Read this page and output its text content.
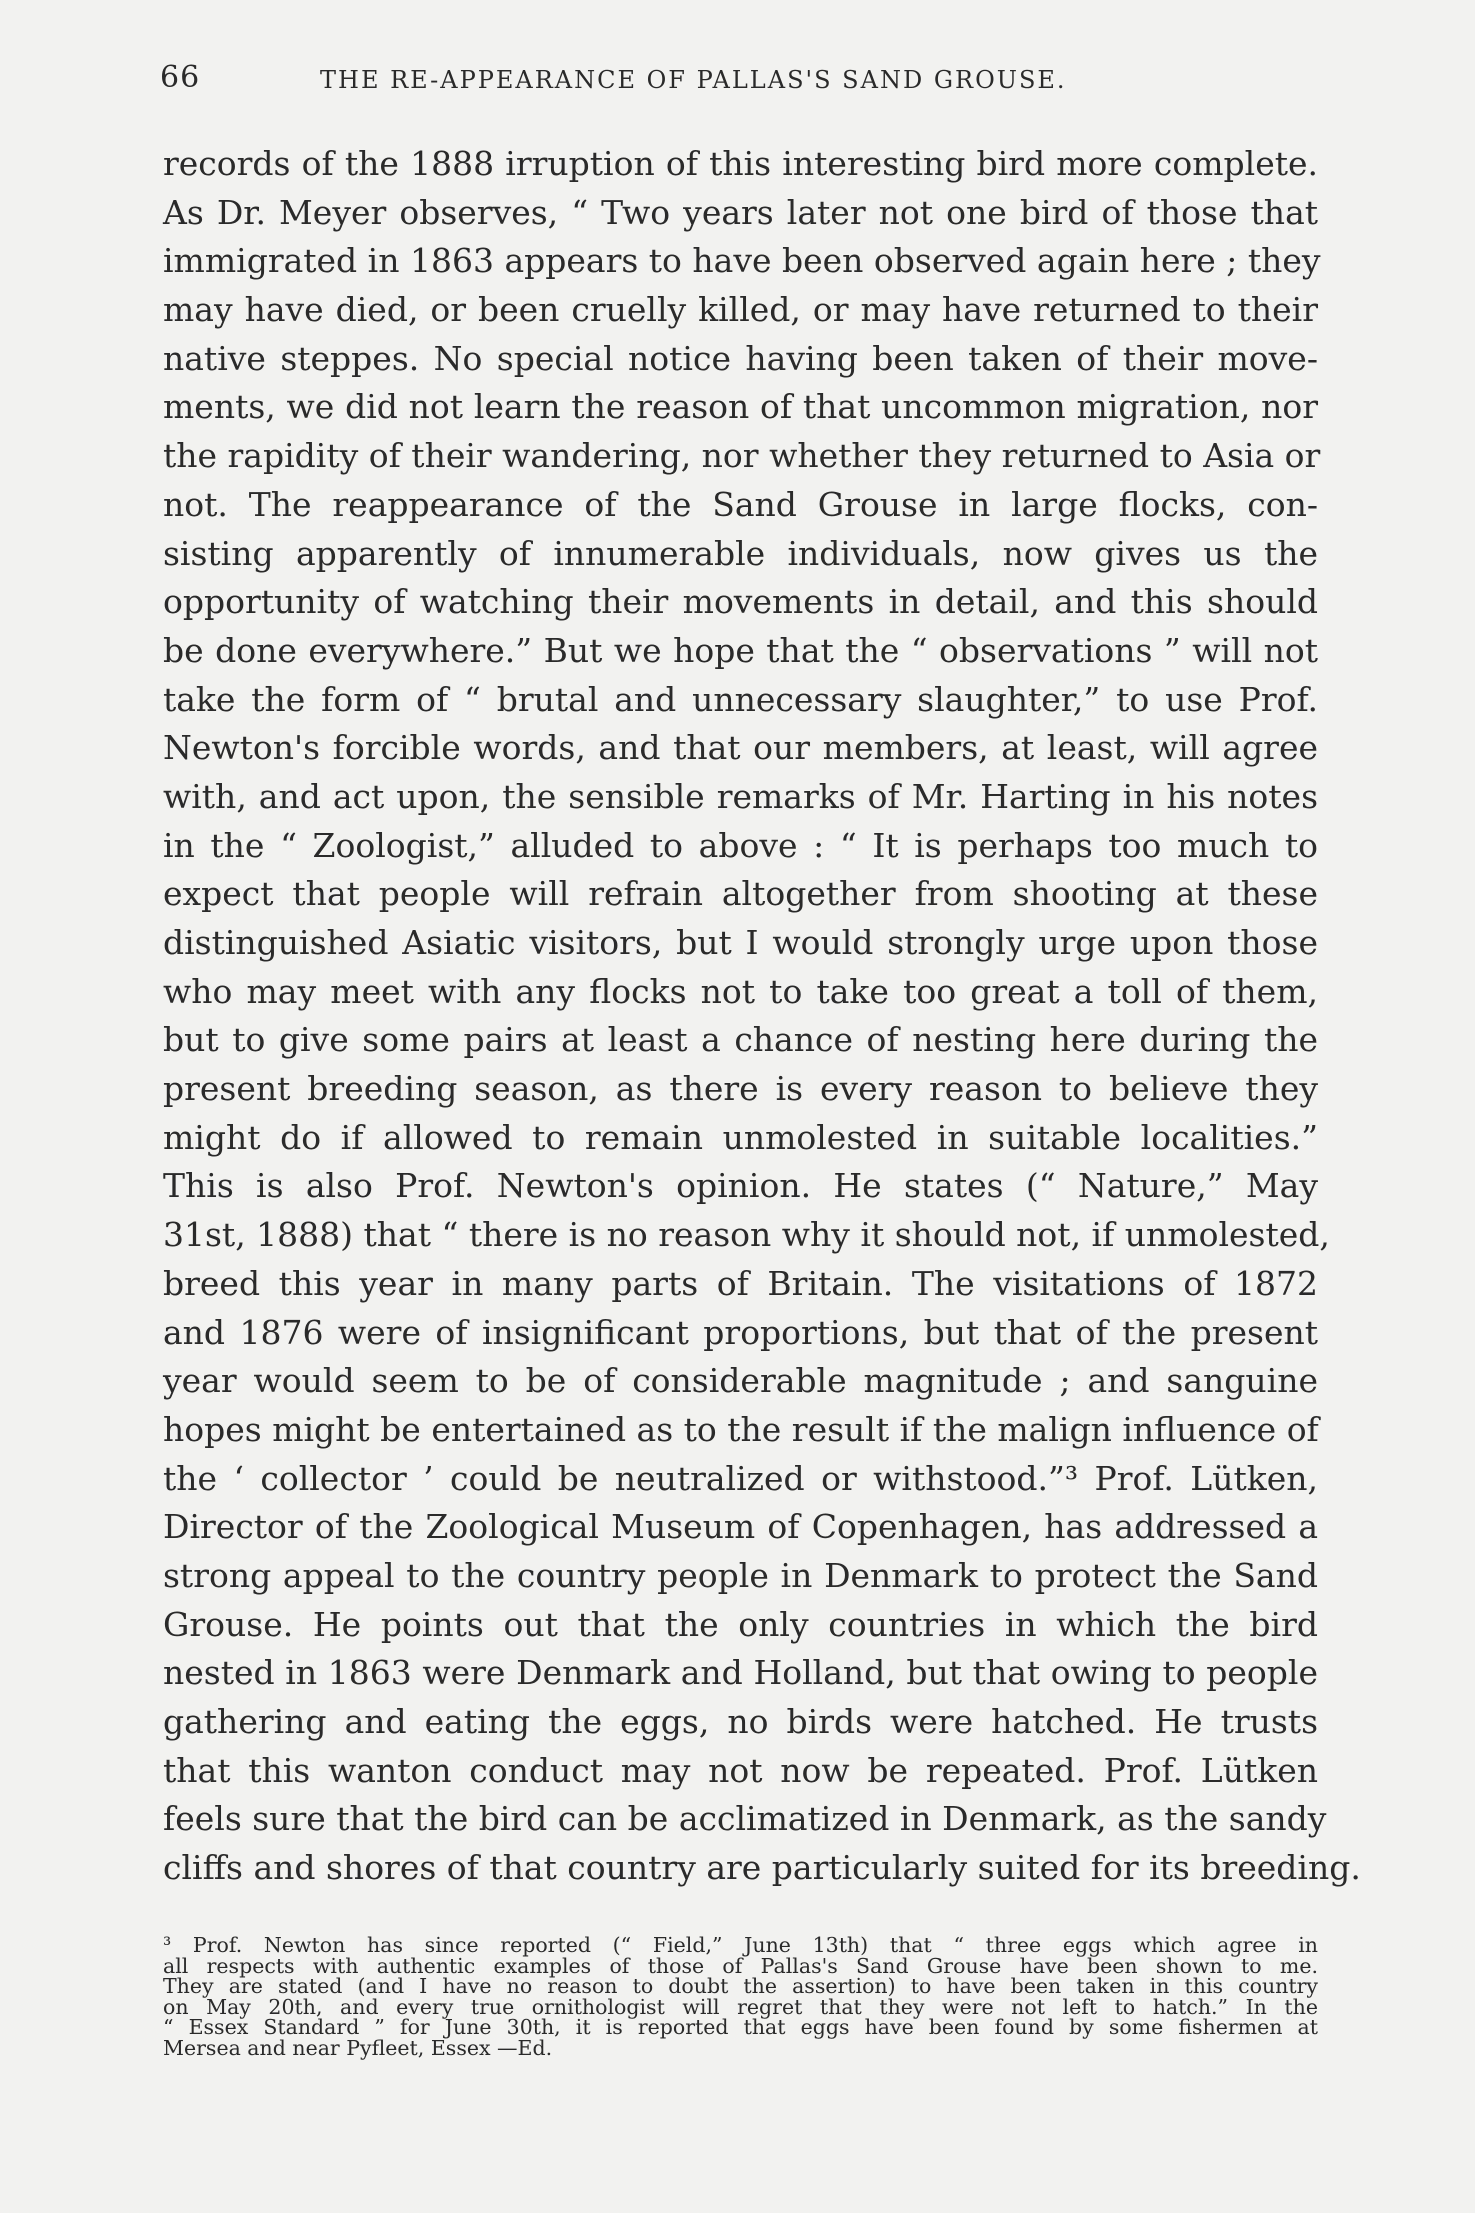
66	THE RE-APPEARANCE OF PALLAS'S SAND GROUSE.
records of the 1888 irruption of this interesting bird more complete.
As Dr. Meyer observes, “ Two years later not one bird of those that
immigrated in 1863 appears to have been observed again here ; they
may have died, or been cruelly killed, or may have returned to their
native steppes. No special notice having been taken of their move-
ments, we did not learn the reason of that uncommon migration, nor
the rapidity of their wandering, nor whether they returned to Asia or
not. The reappearance of the Sand Grouse in large flocks, con-
sisting apparently of innumerable individuals, now gives us the
opportunity of watching their movements in detail, and this should
be done everywhere.” But we hope that the “ observations ” will not
take the form of “ brutal and unnecessary slaughter,” to use Prof.
Newton's forcible words, and that our members, at least, will agree
with, and act upon, the sensible remarks of Mr. Harting in his notes
in the “ Zoologist,” alluded to above : “ It is perhaps too much to
expect that people will refrain altogether from shooting at these
distinguished Asiatic visitors, but I would strongly urge upon those
who may meet with any flocks not to take too great a toll of them,
but to give some pairs at least a chance of nesting here during the
present breeding season, as there is every reason to believe they
might do if allowed to remain unmolested in suitable localities.”
This is also Prof. Newton's opinion. He states (“ Nature,” May
31st, 1888) that “ there is no reason why it should not, if unmolested,
breed this year in many parts of Britain. The visitations of 1872
and 1876 were of insignificant proportions, but that of the present
year would seem to be of considerable magnitude ; and sanguine
hopes might be entertained as to the result if the malign influence of
the ‘ collector ’ could be neutralized or withstood.”³ Prof. Lütken,
Director of the Zoological Museum of Copenhagen, has addressed a
strong appeal to the country people in Denmark to protect the Sand
Grouse. He points out that the only countries in which the bird
nested in 1863 were Denmark and Holland, but that owing to people
gathering and eating the eggs, no birds were hatched. He trusts
that this wanton conduct may not now be repeated. Prof. Lütken
feels sure that the bird can be acclimatized in Denmark, as the sandy
cliffs and shores of that country are particularly suited for its breeding.
³ Prof. Newton has since reported (“ Field,” June 13th) that “ three eggs which agree in
all respects with authentic examples of those of Pallas's Sand Grouse have been shown to me.
They are stated (and I have no reason to doubt the assertion) to have been taken in this country
on May 20th, and every true ornithologist will regret that they were not left to hatch.” In the
“ Essex Standard ” for June 30th, it is reported that eggs have been found by some fishermen at
Mersea and near Pyfleet, Essex —Ed.
